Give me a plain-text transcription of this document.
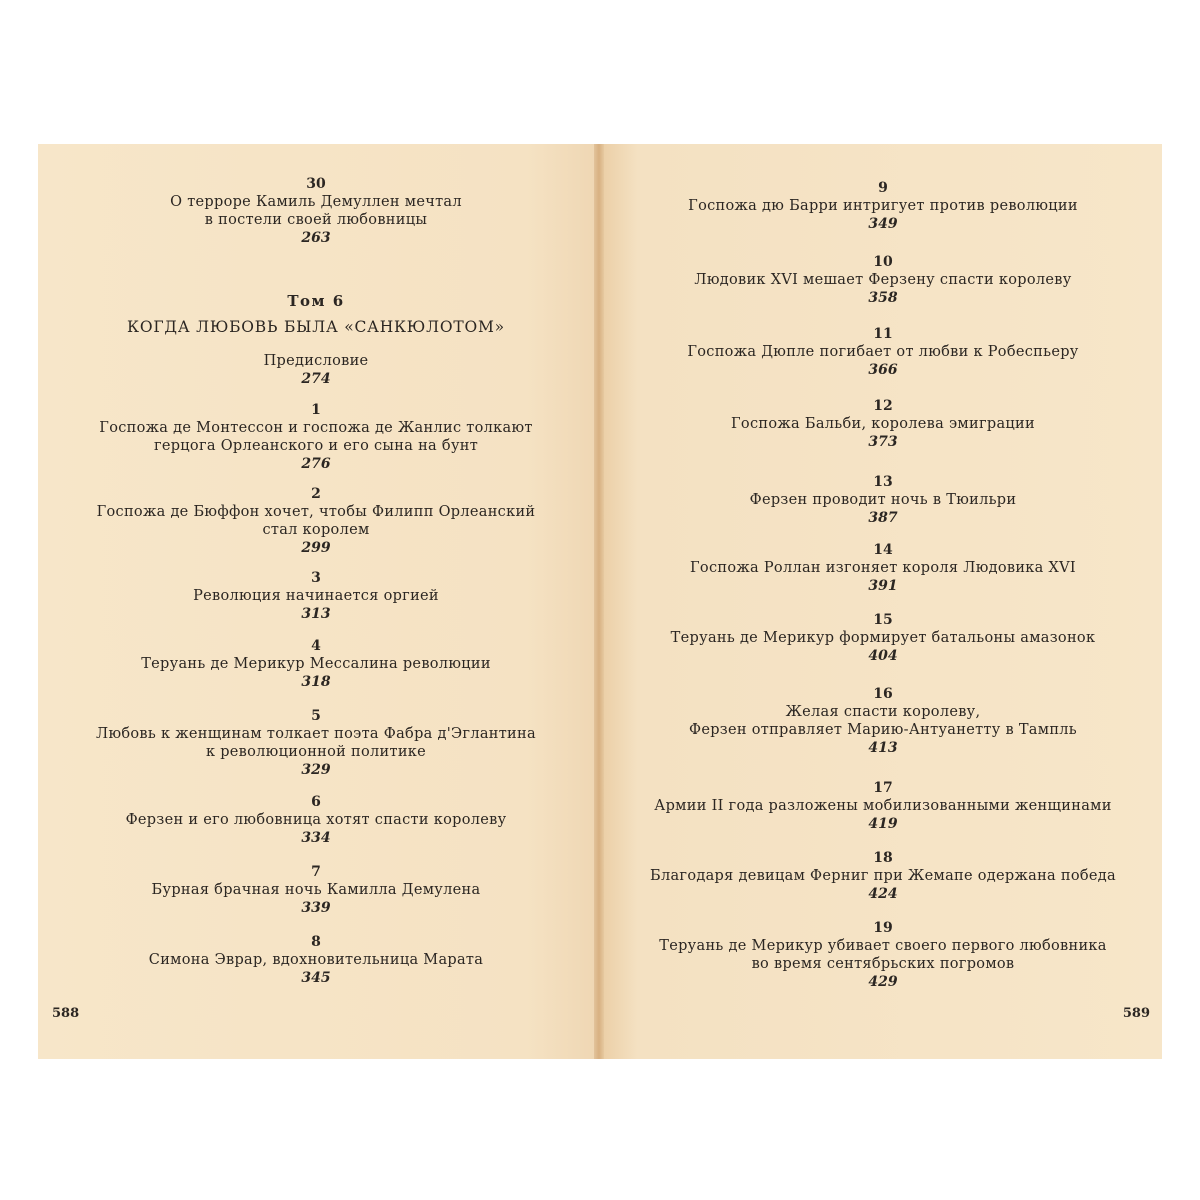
30
О терроре Камиль Демуллен мечтал
в постели своей любовницы
263
Том 6
КОГДА ЛЮБОВЬ БЫЛА «САНКЮЛОТОМ»
Предисловие
274
1
Госпожа де Монтессон и госпожа де Жанлис толкают
герцога Орлеанского и его сына на бунт
276
2
Госпожа де Бюффон хочет, чтобы Филипп Орлеанский
стал королем
299
3
Революция начинается оргией
313
4
Теруань де Мерикур Мессалина революции
318
5
Любовь к женщинам толкает поэта Фабра д'Эглантина
к революционной политике
329
6
Ферзен и его любовница хотят спасти королеву
334
7
Бурная брачная ночь Камилла Демулена
339
8
Симона Эврар, вдохновительница Марата
345
588
9
Госпожа дю Барри интригует против революции
349
10
Людовик XVI мешает Ферзену спасти королеву
358
11
Госпожа Дюпле погибает от любви к Робеспьеру
366
12
Госпожа Бальби, королева эмиграции
373
13
Ферзен проводит ночь в Тюильри
387
14
Госпожа Роллан изгоняет короля Людовика XVI
391
15
Теруань де Мерикур формирует батальоны амазонок
404
16
Желая спасти королеву,
Ферзен отправляет Марию-Антуанетту в Тампль
413
17
Армии II года разложены мобилизованными женщинами
419
18
Благодаря девицам Ферниг при Жемапе одержана победа
424
19
Теруань де Мерикур убивает своего первого любовника
во время сентябрьских погромов
429
589
